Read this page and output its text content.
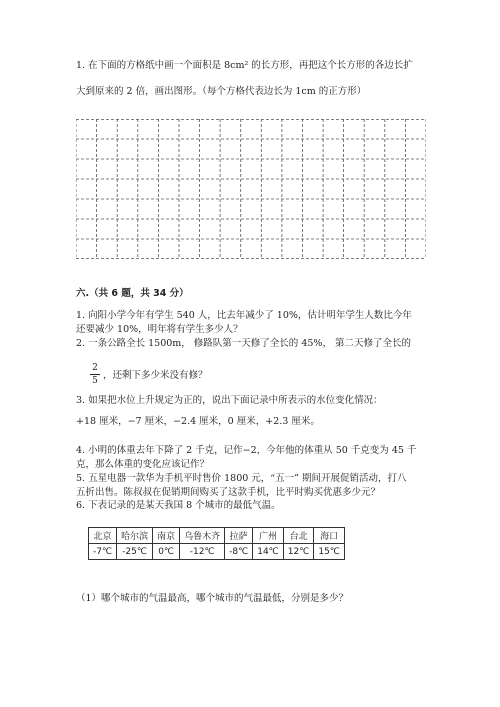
1. 在下面的方格纸中画一个面积是 8cm² 的长方形，再把这个长方形的各边长扩
大到原来的 2 倍，画出图形。（每个方格代表边长为 1cm 的正方形）
六.（共 6 题，共 34 分）
1. 向阳小学今年有学生 540 人，比去年减少了 10%，估计明年学生人数比今年
还要减少 10%，明年将有学生多少人？
2. 一条公路全长 1500m， 修路队第一天修了全长的 45%， 第二天修了全长的
2
5 ，还剩下多少米没有修？
3. 如果把水位上升规定为正的，说出下面记录中所表示的水位变化情况：
+18 厘米，−7 厘米，−2.4 厘米，0 厘米，+2.3 厘米。
4. 小明的体重去年下降了 2 千克，记作−2，今年他的体重从 50 千克变为 45 千
克，那么体重的变化应该记作？
5. 五星电器一款华为手机平时售价 1800 元，“五一” 期间开展促销活动，打八
五折出售。陈叔叔在促销期间购买了这款手机，比平时购买优惠多少元？
6. 下表记录的是某天我国 8 个城市的最低气温。
北京	哈尔滨	南京	乌鲁木齐	拉萨	广州	台北	海口
-7℃	-25℃	0℃	-12℃	-8℃	14℃	12℃	15℃
（1）哪个城市的气温最高，哪个城市的气温最低，分别是多少？
